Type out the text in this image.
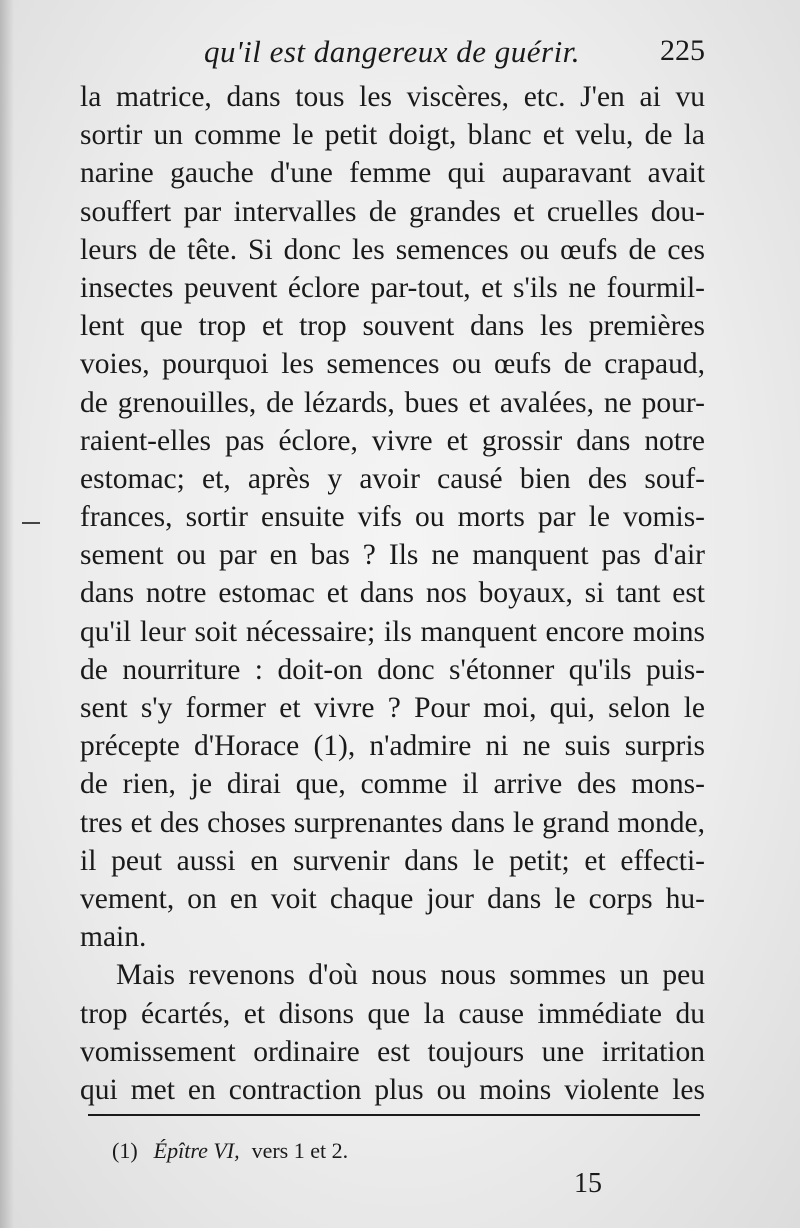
qu'il est dangereux de guérir.	225
la matrice, dans tous les viscères, etc. J'en ai vu
sortir un comme le petit doigt, blanc et velu, de la
narine gauche d'une femme qui auparavant avait
souffert par intervalles de grandes et cruelles dou-
leurs de tête. Si donc les semences ou œufs de ces
insectes peuvent éclore par-tout, et s'ils ne fourmil-
lent que trop et trop souvent dans les premières
voies, pourquoi les semences ou œufs de crapaud,
de grenouilles, de lézards, bues et avalées, ne pour-
raient-elles pas éclore, vivre et grossir dans notre
estomac; et, après y avoir causé bien des souf-
frances, sortir ensuite vifs ou morts par le vomis-
sement ou par en bas ? Ils ne manquent pas d'air
dans notre estomac et dans nos boyaux, si tant est
qu'il leur soit nécessaire; ils manquent encore moins
de nourriture : doit-on donc s'étonner qu'ils puis-
sent s'y former et vivre ? Pour moi, qui, selon le
précepte d'Horace (1), n'admire ni ne suis surpris
de rien, je dirai que, comme il arrive des mons-
tres et des choses surprenantes dans le grand monde,
il peut aussi en survenir dans le petit; et effecti-
vement, on en voit chaque jour dans le corps hu-
main.
Mais revenons d'où nous nous sommes un peu
trop écartés, et disons que la cause immédiate du
vomissement ordinaire est toujours une irritation
qui met en contraction plus ou moins violente les
(1) Épître VI, vers 1 et 2.
15
